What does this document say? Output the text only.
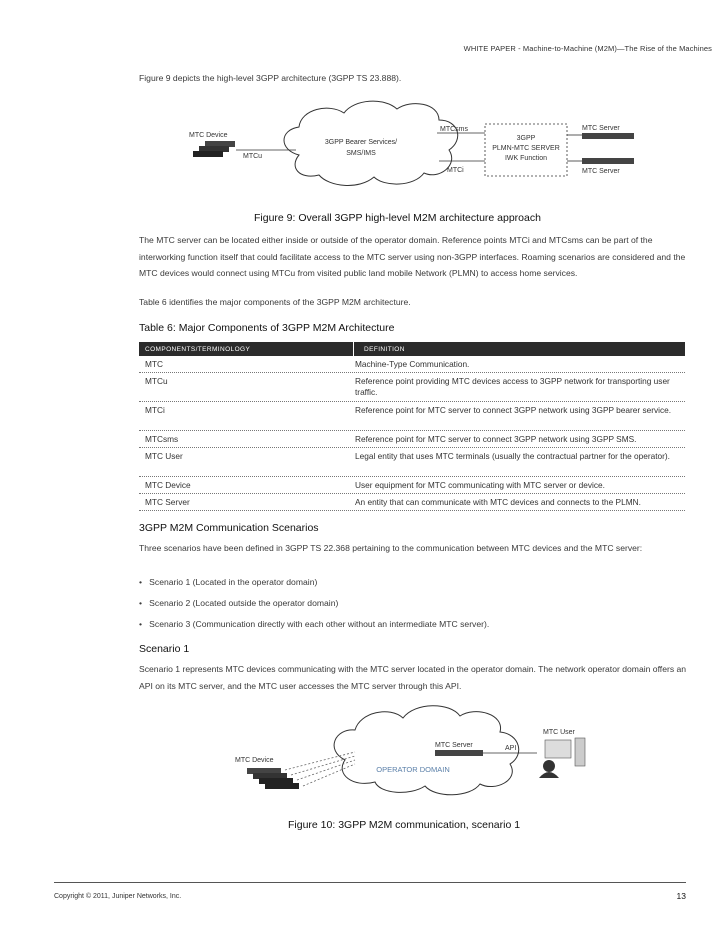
WHITE PAPER - Machine-to-Machine (M2M)—The Rise of the Machines
Figure 9 depicts the high-level 3GPP architecture (3GPP TS 23.888).
3GPP Bearer Services/
SMS/IMS
MTC Device
MTCu
MTCsms
MTCi
3GPP
PLMN-MTC SERVER
IWK Function
MTC Server
MTC Server
Figure 9: Overall 3GPP high-level M2M architecture approach
The MTC server can be located either inside or outside of the operator domain. Reference points MTCi and MTCsms can be part of the interworking function itself that could facilitate access to the MTC server using non-3GPP interfaces. Roaming scenarios are considered and the MTC devices would connect using MTCu from visited public land mobile Network (PLMN) to access home services.
Table 6 identifies the major components of the 3GPP M2M architecture.
Table 6: Major Components of 3GPP M2M Architecture
COMPONENTS/TERMINOLOGY	DEFINITION
MTC	Machine-Type Communication.
MTCu	Reference point providing MTC devices access to 3GPP network for transporting user traffic.
MTCi	Reference point for MTC server to connect 3GPP network using 3GPP bearer service.
MTCsms	Reference point for MTC server to connect 3GPP network using 3GPP SMS.
MTC User	Legal entity that uses MTC terminals (usually the contractual partner for the operator).
MTC Device	User equipment for MTC communicating with MTC server or device.
MTC Server	An entity that can communicate with MTC devices and connects to the PLMN.
3GPP M2M Communication Scenarios
Three scenarios have been defined in 3GPP TS 22.368 pertaining to the communication between MTC devices and the MTC server:
•   Scenario 1 (Located in the operator domain)
•   Scenario 2 (Located outside the operator domain)
•   Scenario 3 (Communication directly with each other without an intermediate MTC server).
Scenario 1
Scenario 1 represents MTC devices communicating with the MTC server located in the operator domain. The network operator domain offers an API on its MTC server, and the MTC user accesses the MTC server through this API.
OPERATOR DOMAIN
MTC Server	API
MTC User
MTC Device
Figure 10: 3GPP M2M communication, scenario 1
Copyright © 2011, Juniper Networks, Inc.	13
